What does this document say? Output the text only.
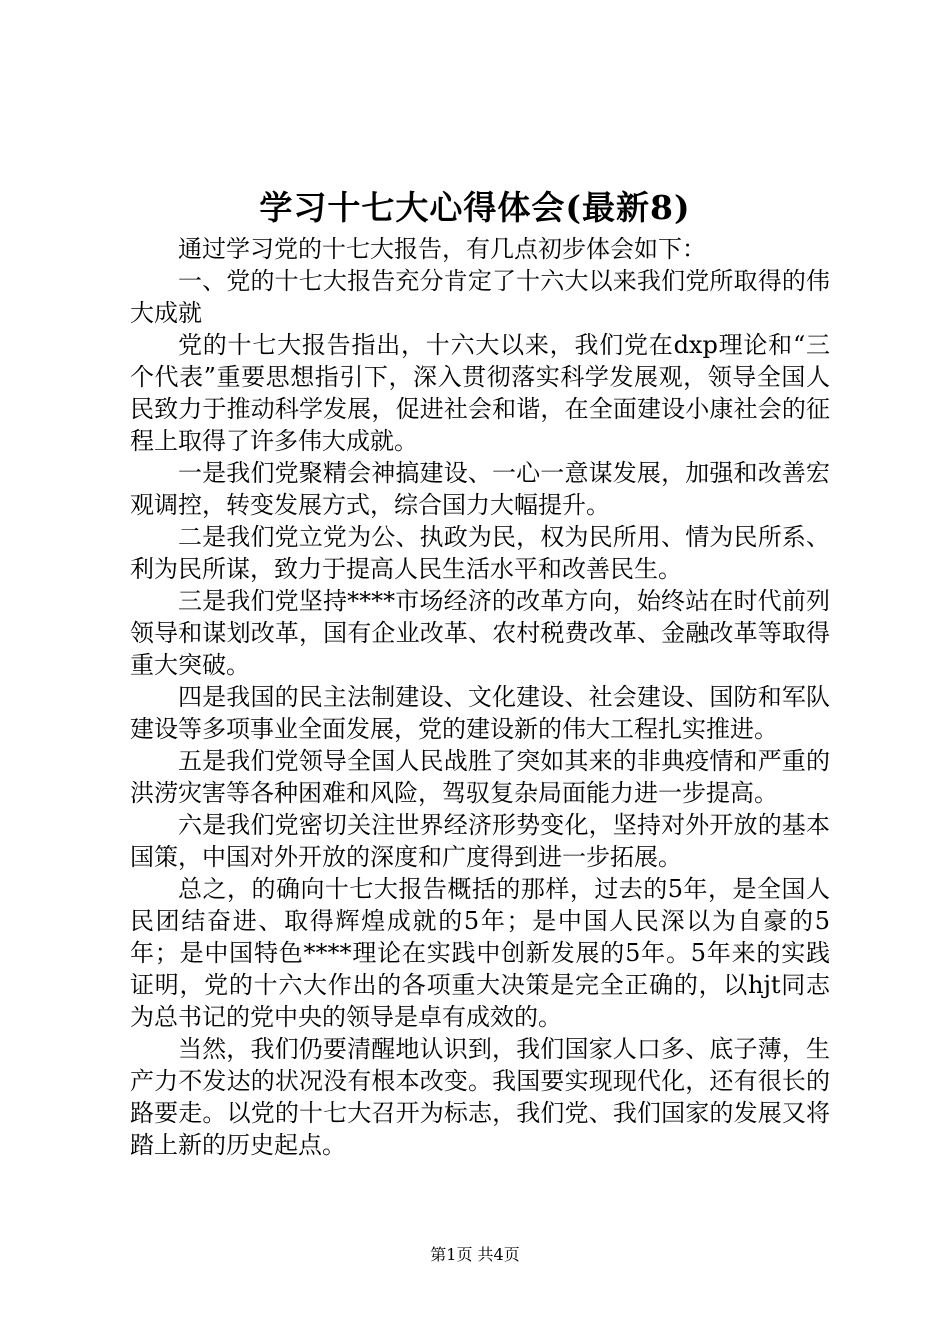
学习十七大心得体会(最新8)

通过学习党的十七大报告，有几点初步体会如下：

一、党的十七大报告充分肯定了十六大以来我们党所取得的伟大成就

党的十七大报告指出，十六大以来，我们党在dxp理论和“三个代表”重要思想指引下，深入贯彻落实科学发展观，领导全国人民致力于推动科学发展，促进社会和谐，在全面建设小康社会的征程上取得了许多伟大成就。

一是我们党聚精会神搞建设、一心一意谋发展，加强和改善宏观调控，转变发展方式，综合国力大幅提升。

二是我们党立党为公、执政为民，权为民所用、情为民所系、利为民所谋，致力于提高人民生活水平和改善民生。

三是我们党坚持****市场经济的改革方向，始终站在时代前列领导和谋划改革，国有企业改革、农村税费改革、金融改革等取得重大突破。

四是我国的民主法制建设、文化建设、社会建设、国防和军队建设等多项事业全面发展，党的建设新的伟大工程扎实推进。

五是我们党领导全国人民战胜了突如其来的非典疫情和严重的洪涝灾害等各种困难和风险，驾驭复杂局面能力进一步提高。

六是我们党密切关注世界经济形势变化，坚持对外开放的基本国策，中国对外开放的深度和广度得到进一步拓展。

总之，的确向十七大报告概括的那样，过去的5年，是全国人民团结奋进、取得辉煌成就的5年；是中国人民深以为自豪的5年；是中国特色****理论在实践中创新发展的5年。5年来的实践证明，党的十六大作出的各项重大决策是完全正确的，以hjt同志为总书记的党中央的领导是卓有成效的。

当然，我们仍要清醒地认识到，我们国家人口多、底子薄，生产力不发达的状况没有根本改变。我国要实现现代化，还有很长的路要走。以党的十七大召开为标志，我们党、我们国家的发展又将踏上新的历史起点。

第1页 共4页
